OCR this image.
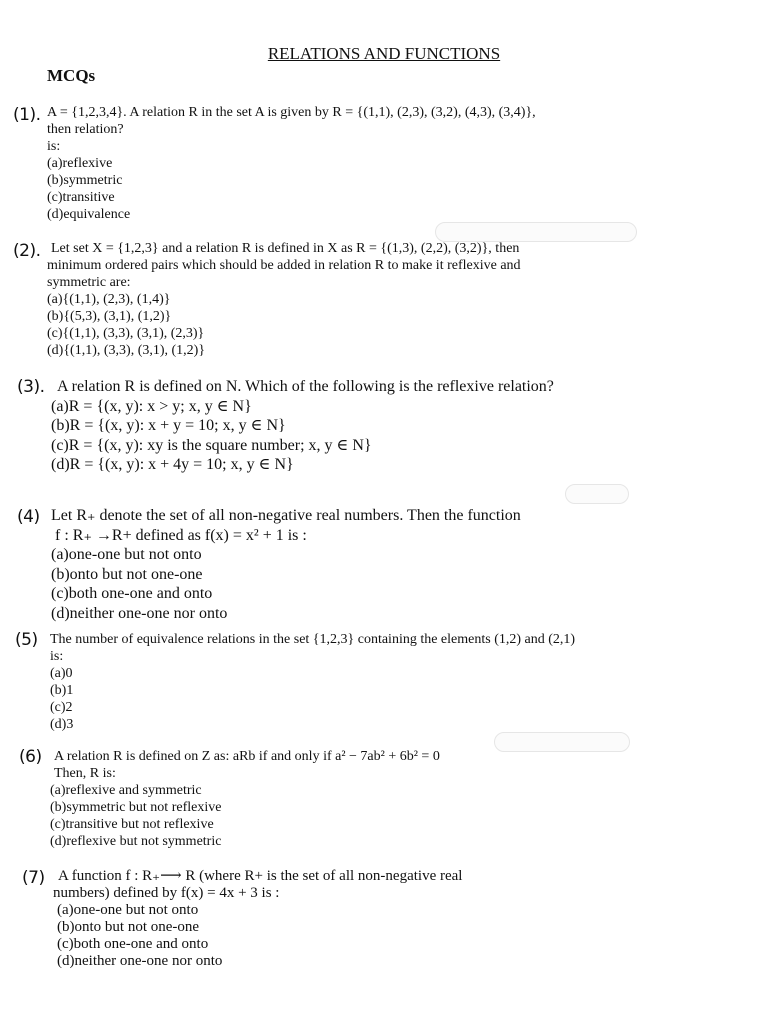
RELATIONS AND FUNCTIONS
MCQs
(1). A = {1,2,3,4}. A relation R in the set A is given by R = {(1,1), (2,3), (3,2), (4,3), (3,4)},
then relation?
is:
(a)reflexive
(b)symmetric
(c)transitive
(d)equivalence
(2). Let set X = {1,2,3} and a relation R is defined in X as R = {(1,3), (2,2), (3,2)}, then
minimum ordered pairs which should be added in relation R to make it reflexive and
symmetric are:
(a){(1,1), (2,3), (1,4)}
(b){(5,3), (3,1), (1,2)}
(c){(1,1), (3,3), (3,1), (2,3)}
(d){(1,1), (3,3), (3,1), (1,2)}
(3). A relation R is defined on N. Which of the following is the reflexive relation?
(a)R = {(x, y): x > y; x, y ∈ N}
(b)R = {(x, y): x + y = 10; x, y ∈ N}
(c)R = {(x, y): xy is the square number; x, y ∈ N}
(d)R = {(x, y): x + 4y = 10; x, y ∈ N}
(4) Let R₊ denote the set of all non-negative real numbers. Then the function
f : R₊ →R+ defined as f(x) = x² + 1 is :
(a)one-one but not onto
(b)onto but not one-one
(c)both one-one and onto
(d)neither one-one nor onto
(5) The number of equivalence relations in the set {1,2,3} containing the elements (1,2) and (2,1)
is:
(a)0
(b)1
(c)2
(d)3
(6) A relation R is defined on Z as: aRb if and only if a² − 7ab² + 6b² = 0
Then, R is:
(a)reflexive and symmetric
(b)symmetric but not reflexive
(c)transitive but not reflexive
(d)reflexive but not symmetric
(7) A function f : R₊⟶ R (where R+ is the set of all non-negative real
numbers) defined by f(x) = 4x + 3 is :
(a)one-one but not onto
(b)onto but not one-one
(c)both one-one and onto
(d)neither one-one nor onto
